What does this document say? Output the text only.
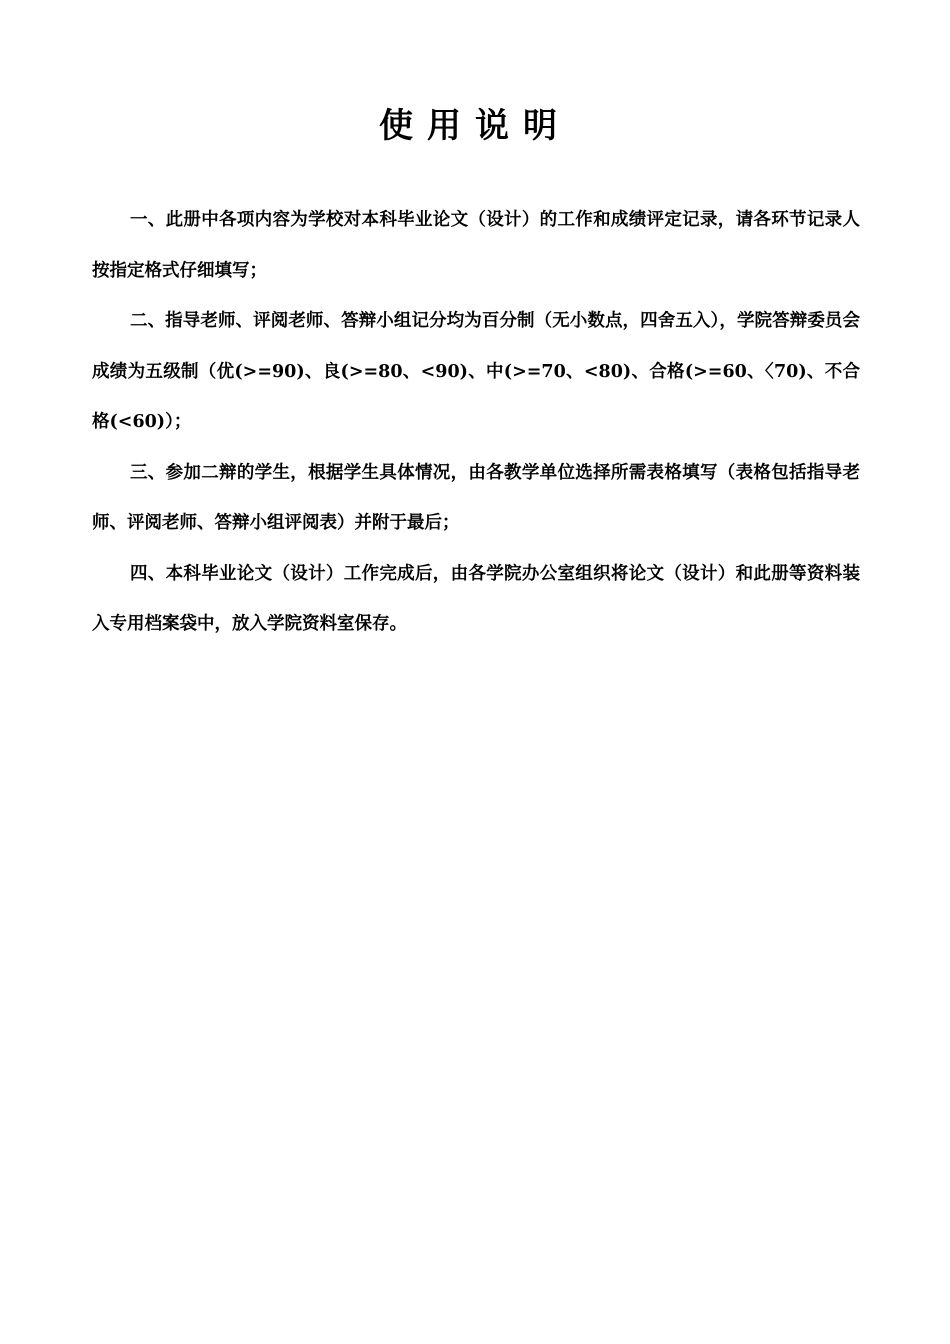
使用说明

一、此册中各项内容为学校对本科毕业论文（设计）的工作和成绩评定记录，请各环节记录人按指定格式仔细填写；

二、指导老师、评阅老师、答辩小组记分均为百分制（无小数点，四舍五入），学院答辩委员会成绩为五级制（优(>=90)、良(>=80、<90)、中(>=70、<80)、合格(>=60、〈70)、不合格(<60)）；

三、参加二辩的学生，根据学生具体情况，由各教学单位选择所需表格填写（表格包括指导老师、评阅老师、答辩小组评阅表）并附于最后；

四、本科毕业论文（设计）工作完成后，由各学院办公室组织将论文（设计）和此册等资料装入专用档案袋中，放入学院资料室保存。
